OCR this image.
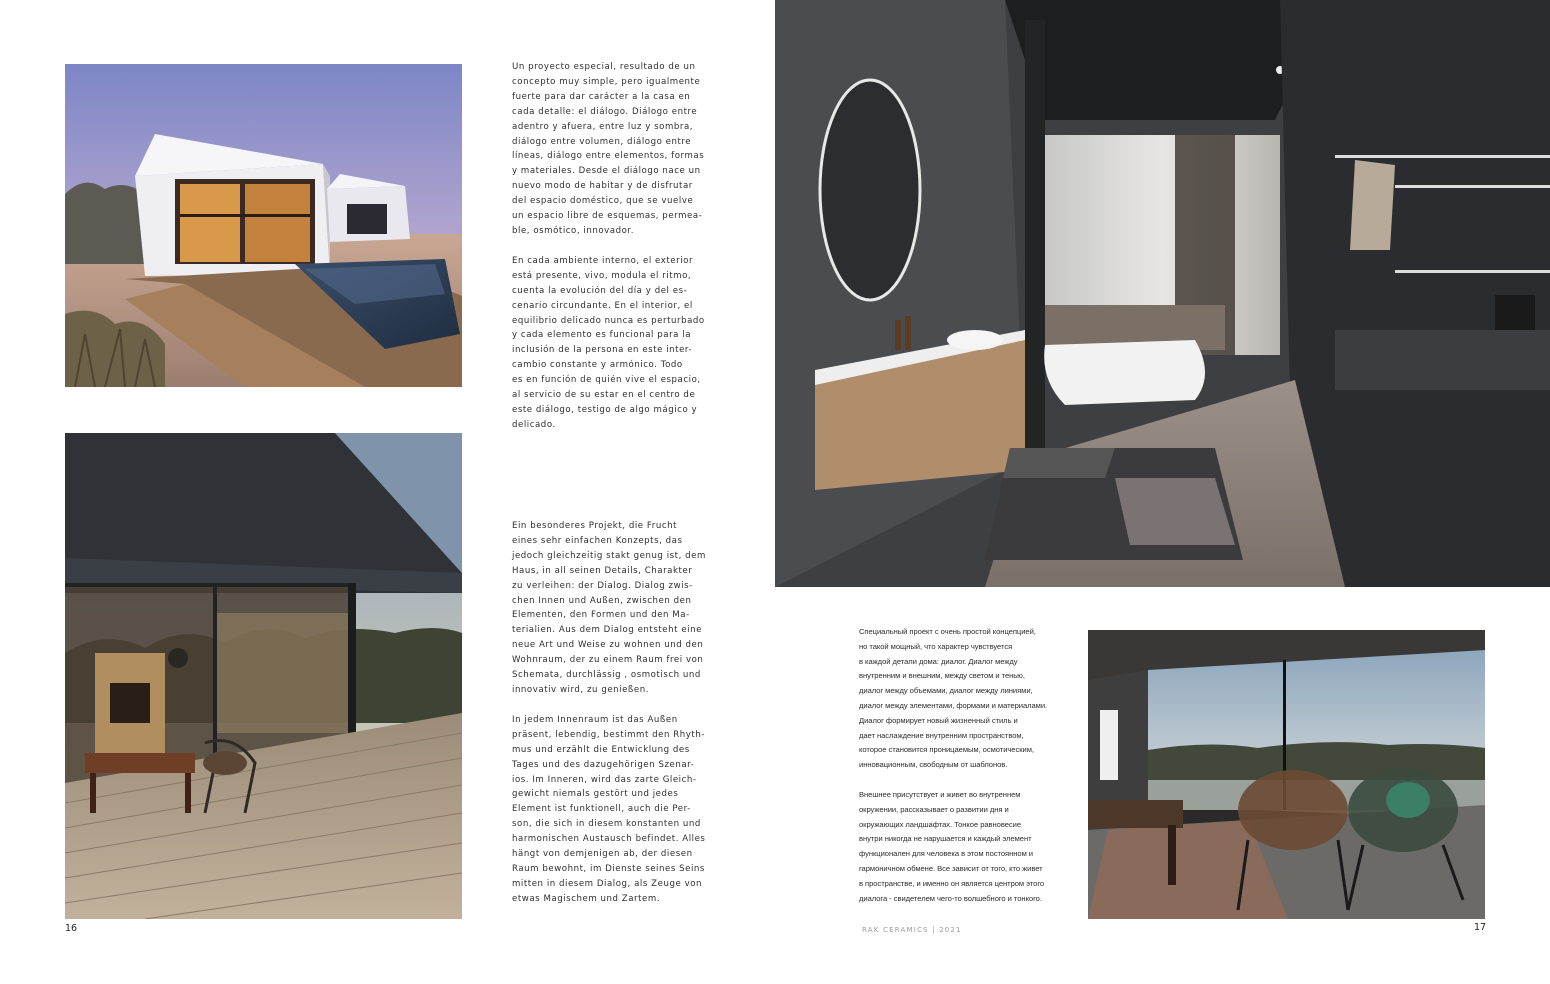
Un proyecto especial, resultado de un
concepto muy simple, pero igualmente
fuerte para dar carácter a la casa en
cada detalle: el diálogo. Diálogo entre
adentro y afuera, entre luz y sombra,
diálogo entre volumen, diálogo entre
líneas, diálogo entre elementos, formas
y materiales. Desde el diálogo nace un
nuevo modo de habitar y de disfrutar
del espacio doméstico, que se vuelve
un espacio libre de esquemas, permea-
ble, osmótico, innovador.

En cada ambiente interno, el exterior
está presente, vivo, modula el ritmo,
cuenta la evolución del día y del es-
cenario circundante. En el interior, el
equilibrio delicado nunca es perturbado
y cada elemento es funcional para la
inclusión de la persona en este inter-
cambio constante y armónico. Todo
es en función de quién vive el espacio,
al servicio de su estar en el centro de
este diálogo, testigo de algo mágico y
delicado.

Ein besonderes Projekt, die Frucht
eines sehr einfachen Konzepts, das
jedoch gleichzeitig stakt genug ist, dem
Haus, in all seinen Details, Charakter
zu verleihen: der Dialog. Dialog zwis-
chen Innen und Außen, zwischen den
Elementen, den Formen und den Ma-
terialien. Aus dem Dialog entsteht eine
neue Art und Weise zu wohnen und den
Wohnraum, der zu einem Raum frei von
Schemata, durchlässig , osmotisch und
innovativ wird, zu genießen.

In jedem Innenraum ist das Außen
präsent, lebendig, bestimmt den Rhyth-
mus und erzählt die Entwicklung des
Tages und des dazugehörigen Szenar-
ios. Im Inneren, wird das zarte Gleich-
gewicht niemals gestört und jedes
Element ist funktionell, auch die Per-
son, die sich in diesem konstanten und
harmonischen Austausch befindet. Alles
hängt von demjenigen ab, der diesen
Raum bewohnt, im Dienste seines Seins
mitten in diesem Dialog, als Zeuge von
etwas Magischem und Zartem.

Специальный проект с очень простой концепцией,
но такой мощный, что характер чувствуется
в каждой детали дома: диалог. Диалог между
внутренним и внешним, между светом и тенью,
диалог между объемами, диалог между линиями,
диалог между элементами, формами и материалами.
Диалог формирует новый жизненный стиль и
дает наслаждение внутренним пространством,
которое становится проницаемым, осмотическим,
инновационным, свободным от шаблонов.

Внешнее присутствует и живет во внутреннем
окружении, рассказывает о развитии дня и
окружающих ландшафтах. Тонкое равновесие
внутри никогда не нарушается и каждый элемент
функционален для человека в этом постоянном и
гармоничном обмене. Все зависит от того, кто живет
в пространстве, и именно он является центром этого
диалога - свидетелем чего-то волшебного и тонкого.

16	RAK CERAMICS | 2021	17
